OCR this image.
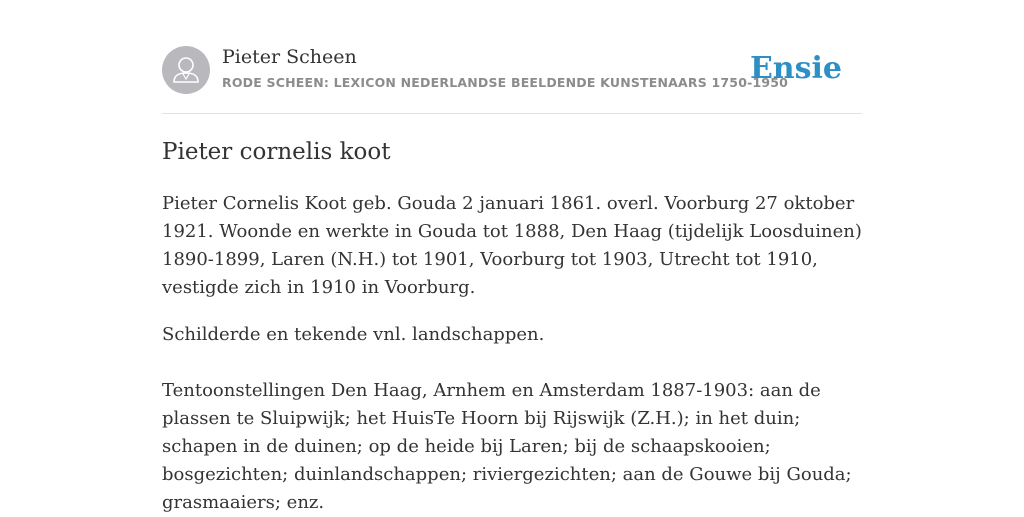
Pieter Scheen
RODE SCHEEN: LEXICON NEDERLANDSE BEELDENDE KUNSTENAARS 1750-1950
Ensie
Pieter cornelis koot

Pieter Cornelis Koot geb. Gouda 2 januari 1861. overl. Voorburg 27 oktober 1921. Woonde en werkte in Gouda tot 1888, Den Haag (tijdelijk Loosduinen) 1890-1899, Laren (N.H.) tot 1901, Voorburg tot 1903, Utrecht tot 1910, vestigde zich in 1910 in Voorburg.

Schilderde en tekende vnl. landschappen.

Tentoonstellingen Den Haag, Arnhem en Amsterdam 1887-1903: aan de plassen te Sluipwijk; het HuisTe Hoorn bij Rijswijk (Z.H.); in het duin; schapen in de duinen; op de heide bij Laren; bij de schaapskooien; bosgezichten; duinlandschappen; riviergezichten; aan de Gouwe bij Gouda; grasmaaiers; enz.
